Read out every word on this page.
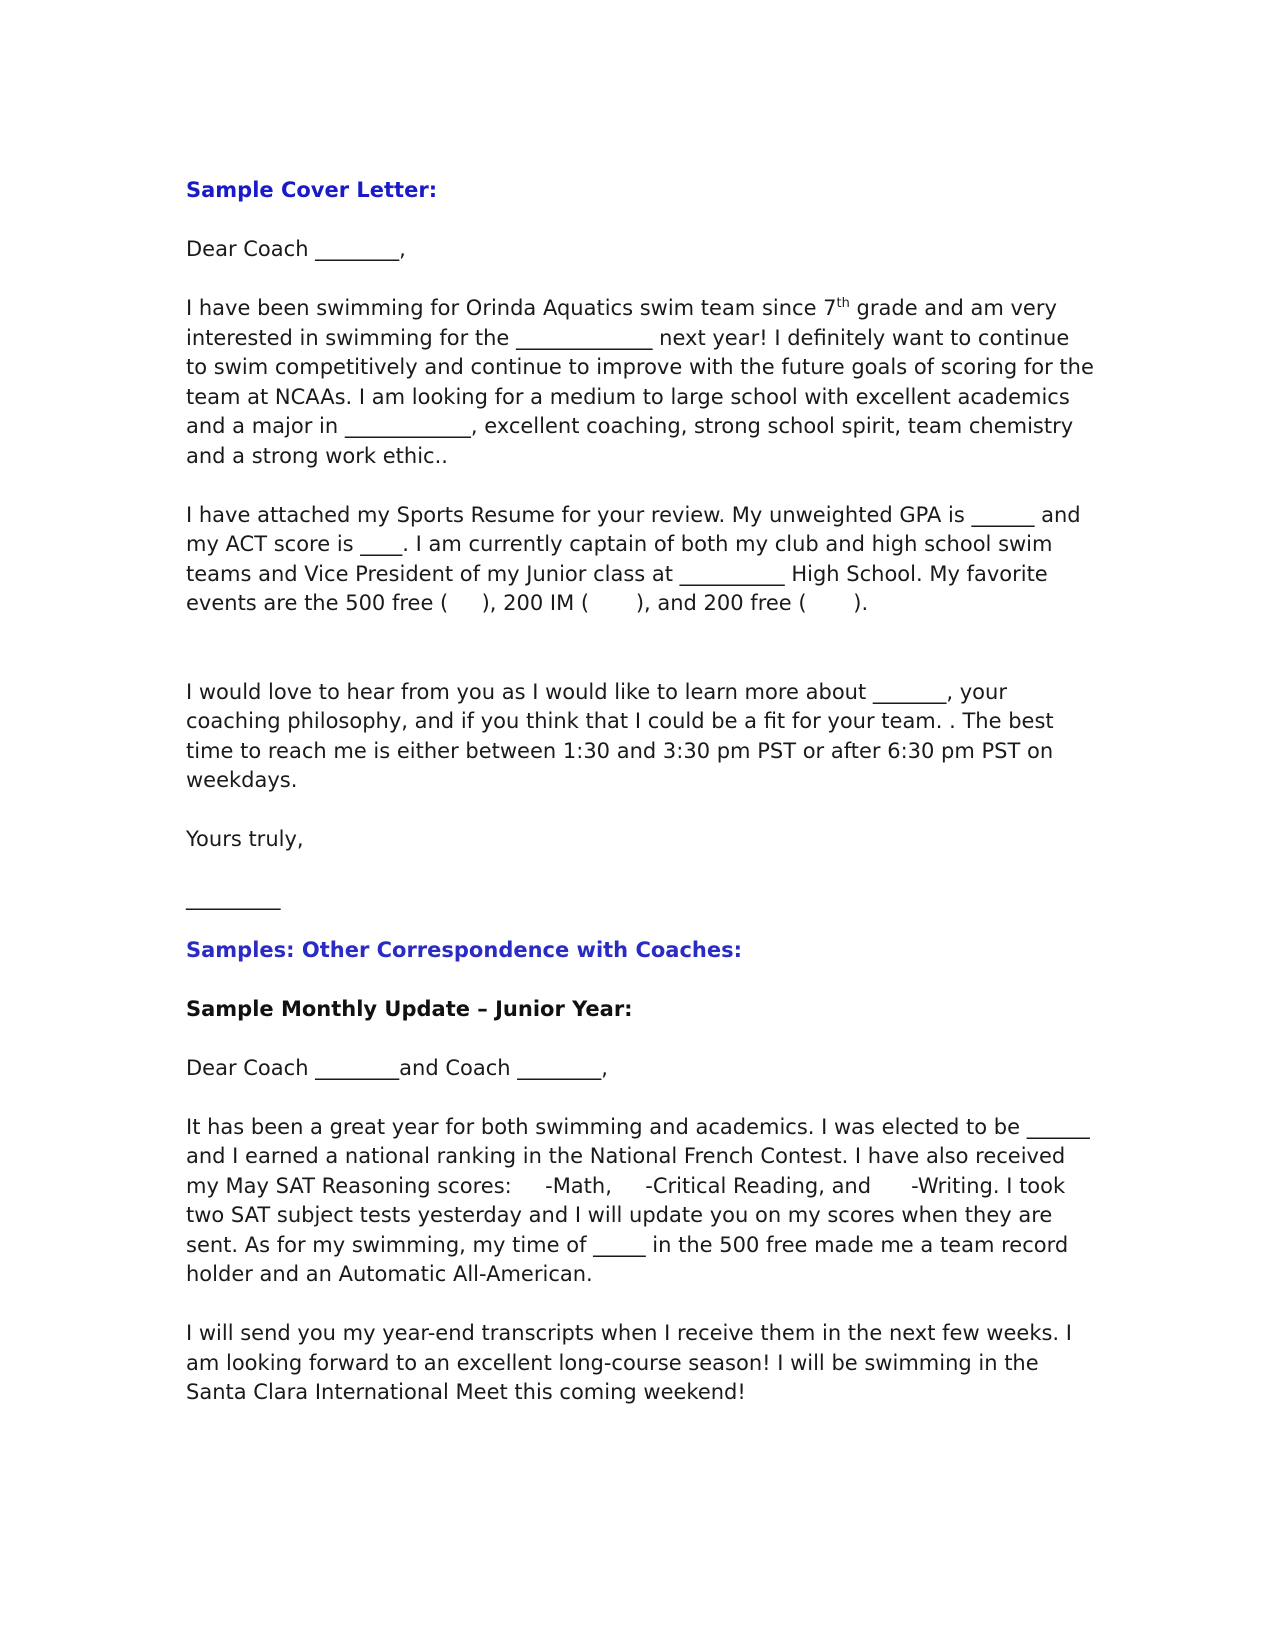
Sample Cover Letter:

Dear Coach ________,

I have been swimming for Orinda Aquatics swim team since 7th grade and am very interested in swimming for the _____________ next year! I definitely want to continue to swim competitively and continue to improve with the future goals of scoring for the team at NCAAs. I am looking for a medium to large school with excellent academics and a major in ____________, excellent coaching, strong school spirit, team chemistry and a strong work ethic..

I have attached my Sports Resume for your review. My unweighted GPA is ______ and my ACT score is ____. I am currently captain of both my club and high school swim teams and Vice President of my Junior class at __________ High School. My favorite events are the 500 free (     ), 200 IM (       ), and 200 free (       ).

I would love to hear from you as I would like to learn more about _______, your coaching philosophy, and if you think that I could be a fit for your team. . The best time to reach me is either between 1:30 and 3:30 pm PST or after 6:30 pm PST on weekdays.

Yours truly,

_________

Samples: Other Correspondence with Coaches:
Sample Monthly Update – Junior Year:

Dear Coach ________and Coach ________,

It has been a great year for both swimming and academics. I was elected to be ______ and I earned a national ranking in the National French Contest. I have also received my May SAT Reasoning scores:     -Math,     -Critical Reading, and      -Writing. I took two SAT subject tests yesterday and I will update you on my scores when they are sent. As for my swimming, my time of _____ in the 500 free made me a team record holder and an Automatic All-American.

I will send you my year-end transcripts when I receive them in the next few weeks. I am looking forward to an excellent long-course season! I will be swimming in the Santa Clara International Meet this coming weekend!
